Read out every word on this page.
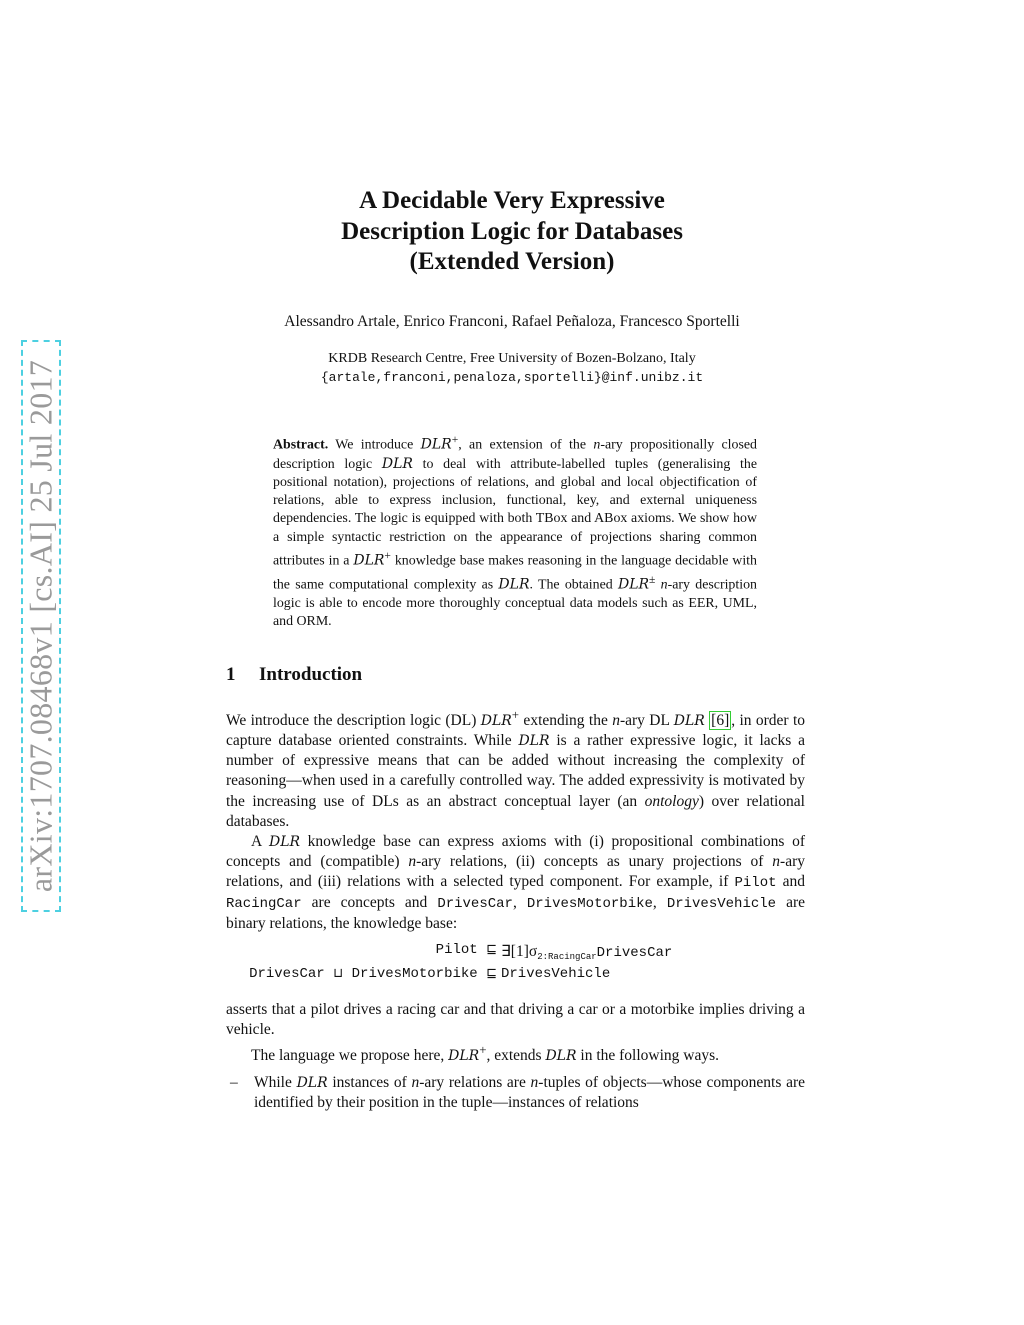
arXiv:1707.08468v1 [cs.AI] 25 Jul 2017
A Decidable Very Expressive
Description Logic for Databases
(Extended Version)
Alessandro Artale, Enrico Franconi, Rafael Peñaloza, Francesco Sportelli
KRDB Research Centre, Free University of Bozen-Bolzano, Italy
{artale,franconi,penaloza,sportelli}@inf.unibz.it
Abstract. We introduce DLR+, an extension of the n-ary propositionally closed description logic DLR to deal with attribute-labelled tuples (generalising the positional notation), projections of relations, and global and local objectification of relations, able to express inclusion, functional, key, and external uniqueness dependencies. The logic is equipped with both TBox and ABox axioms. We show how a simple syntactic restriction on the appearance of projections sharing common attributes in a DLR+ knowledge base makes reasoning in the language decidable with the same computational complexity as DLR. The obtained DLR± n-ary description logic is able to encode more thoroughly conceptual data models such as EER, UML, and ORM.
1 Introduction

We introduce the description logic (DL) DLR+ extending the n-ary DL DLR [6] , in order to capture database oriented constraints. While DLR is a rather expressive logic, it lacks a number of expressive means that can be added without increasing the complexity of reasoning—when used in a carefully controlled way. The added expressivity is motivated by the increasing use of DLs as an abstract conceptual layer (an ontology) over relational databases.

A DLR knowledge base can express axioms with (i) propositional combinations of concepts and (compatible) n-ary relations, (ii) concepts as unary projections of n-ary relations, and (iii) relations with a selected typed component. For example, if Pilot and RacingCar are concepts and DrivesCar, DrivesMotorbike, DrivesVehicle are binary relations, the knowledge base:

Pilot ⊑ $\exists[1]\sigma_{2:RacingCar}DrivesCar$
DrivesCar ⊔ DrivesMotorbike ⊑ DrivesVehicle

asserts that a pilot drives a racing car and that driving a car or a motorbike implies driving a vehicle.

The language we propose here, DLR+, extends DLR in the following ways.

– While DLR instances of n-ary relations are n-tuples of objects—whose components are identified by their position in the tuple—instances of relations
